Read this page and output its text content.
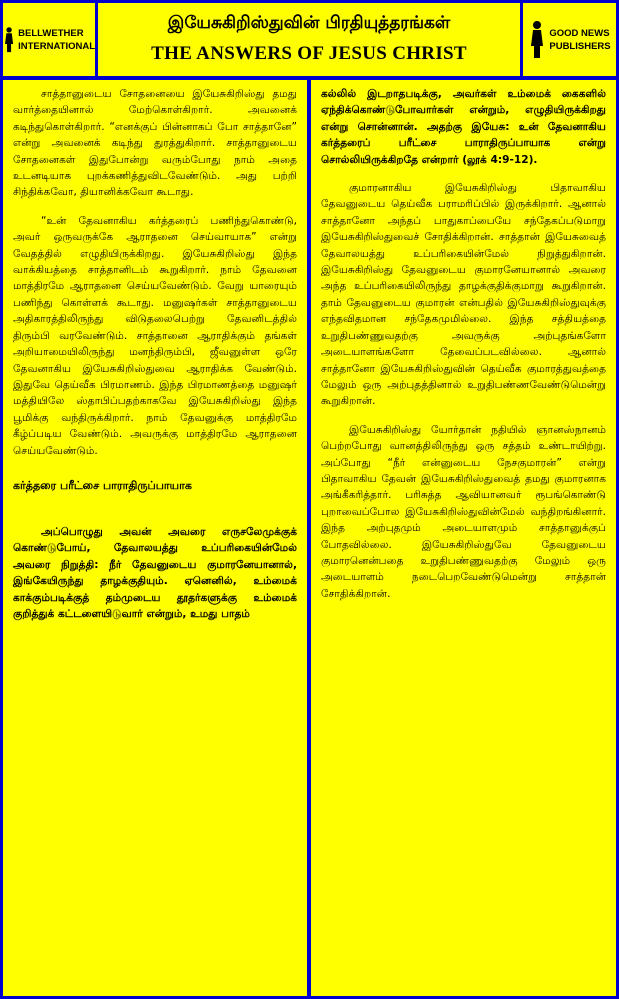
BELLWETHER
INTERNATIONAL
இயேசுகிறிஸ்துவின் பிரதியுத்தரங்கள்
THE ANSWERS OF JESUS CHRIST
GOOD NEWS
PUBLISHERS

சாத்தானுடைய சோதனையை இயேசுகிறிஸ்து தமது வார்த்தையினால் மேற்கொள்கிறார். அவனைக் கடிந்துகொள்கிறார். “எனக்குப் பின்னாகப் போ சாத்தானே” என்று அவனைக் கடிந்து துரத்துகிறார். சாத்தானுடைய சோதனைகள் இதுபோன்று வரும்போது நாம் அதை உடனடியாக புறக்கணித்துவிடவேண்டும். அது பற்றி சிந்திக்கவோ, தியானிக்கவோ கூடாது.

“உன் தேவனாகிய கர்த்தரைப் பணிந்துகொண்டு, அவர் ஒருவருக்கே ஆராதனை செய்வாயாக” என்று வேதத்தில் எழுதியிருக்கிறது. இயேசுகிறிஸ்து இந்த வாக்கியத்தை சாத்தானிடம் கூறுகிறார். நாம் தேவனை மாத்திரமே ஆராதனை செய்யவேண்டும். வேறு யாரையும் பணிந்து கொள்ளக் கூடாது. மனுஷர்கள் சாத்தானுடைய அதிகாரத்திலிருந்து விடுதலைபெற்று தேவனிடத்தில் திரும்பி வரவேண்டும். சாத்தானை ஆராதிக்கும் தங்கள் அறியாமையிலிருந்து மனந்திரும்பி, ஜீவனுள்ள ஒரே தேவனாகிய இயேசுகிறிஸ்துவை ஆராதிக்க வேண்டும். இதுவே தெய்வீக பிரமாணம். இந்த பிரமாணத்தை மனுஷர் மத்தியிலே ஸ்தாபிப்பதற்காகவே இயேசுகிறிஸ்து இந்த பூமிக்கு வந்திருக்கிறார். நாம் தேவனுக்கு மாத்திரமே கீழ்ப்படிய வேண்டும். அவருக்கு மாத்திரமே ஆராதனை செய்யவேண்டும்.

கர்த்தரை பரீட்சை பாராதிருப்பாயாக

அப்பொழுது அவன் அவரை எருசலேமுக்குக் கொண்டுபோய், தேவாலயத்து உப்பரிகையின்மேல் அவரை நிறுத்தி: நீர் தேவனுடைய குமாரனேயானால், இங்கேயிருந்து தாழக்குதியும். ஏனெனில், உம்மைக் காக்கும்படிக்குத் தம்முடைய தூதர்களுக்கு உம்மைக் குறித்துக் கட்டளையிடுவார் என்றும், உமது பாதம்

கல்லில் இடறாதபடிக்கு, அவர்கள் உம்மைக் கைகளில் ஏந்திக்கொண்டுபோவார்கள் என்றும், எழுதியிருக்கிறது என்று சொன்னான். அதற்கு இயேசு: உன் தேவனாகிய கர்த்தரைப் பரீட்சை பாராதிருப்பாயாக என்று சொல்லியிருக்கிறதே என்றார் (லூக் 4:9-12).

குமாரனாகிய இயேசுகிறிஸ்து பிதாவாகிய தேவனுடைய தெய்வீக பராமரிப்பில் இருக்கிறார். ஆனால் சாத்தானோ அந்தப் பாதுகாப்பையே சந்தேகப்படுமாறு இயேசுகிறிஸ்துவைச் சோதிக்கிறான். சாத்தான் இயேசுவைத் தேவாலயத்து உப்பரிகையின்மேல் நிறுத்துகிறான். இயேசுகிறிஸ்து தேவனுடைய குமாரனேயானால் அவரை அந்த உப்பரிகையிலிருந்து தாழக்குதிக்குமாறு கூறுகிறான். தாம் தேவனுடைய குமாரன் என்பதில் இயேசுகிறிஸ்துவுக்கு எந்தவிதமான சந்தேகமுமில்லை. இந்த சத்தியத்தை உறுதிபண்ணுவதற்கு அவருக்கு அற்புதங்களோ அடையாளங்களோ தேவைப்படவில்லை. ஆனால் சாத்தானோ இயேசுகிறிஸ்துவின் தெய்வீக குமாரத்துவத்தை மேலும் ஒரு அற்புதத்தினால் உறுதிபண்ணவேண்டுமென்று கூறுகிறான்.

இயேசுகிறிஸ்து யோர்தான் நதியில் ஞானஸ்நானம் பெற்றபோது வானத்திலிருந்து ஒரு சத்தம் உண்டாயிற்று. அப்போது “நீர் என்னுடைய நேசகுமாரன்” என்று பிதாவாகிய தேவன் இயேசுகிறிஸ்துவைத் தமது குமாரனாக அங்கீகரித்தார். பரிசுத்த ஆவியானவர் ரூபங்கொண்டு புறாவைப்போல இயேசுகிறிஸ்துவின்மேல் வந்திறங்கினார். இந்த அற்புதமும் அடையாளமும் சாத்தானுக்குப் போதவில்லை. இயேசுகிறிஸ்துவே தேவனுடைய குமாரனென்பதை உறுதிபண்ணுவதற்கு மேலும் ஒரு அடையாளம் நடைபெறவேண்டுமென்று சாத்தான் சோதிக்கிறான்.
